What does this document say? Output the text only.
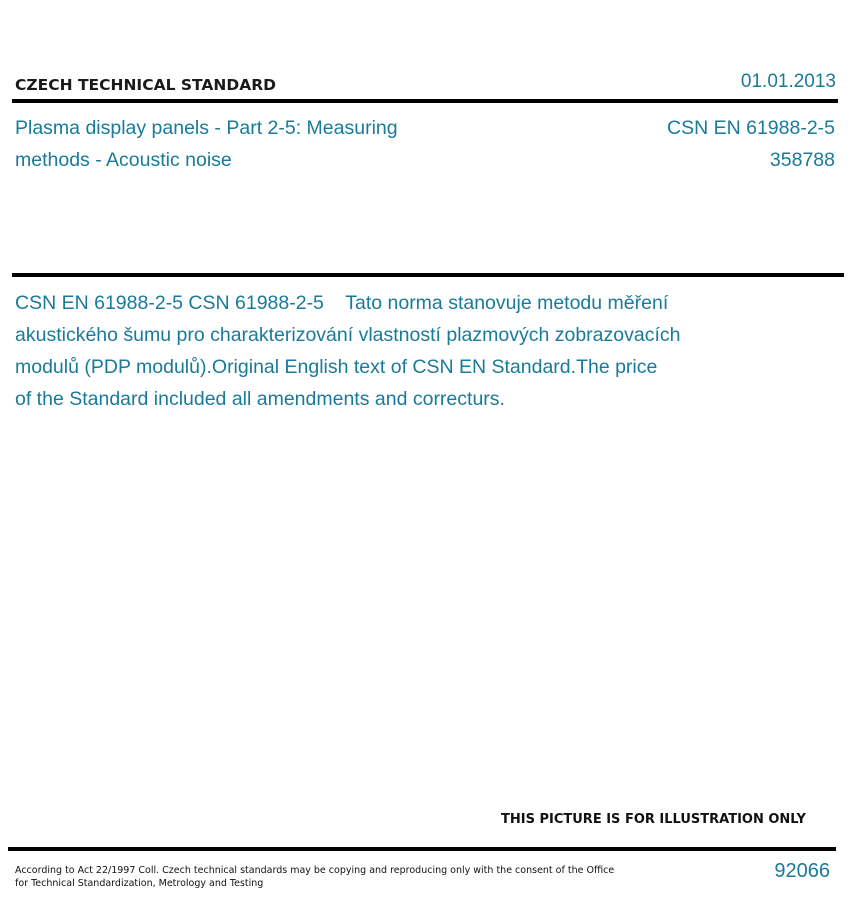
CZECH TECHNICAL STANDARD	01.01.2013
Plasma display panels - Part 2-5: Measuring
methods - Acoustic noise
CSN EN 61988-2-5
358788
CSN EN 61988-2-5 CSN 61988-2-5    Tato norma stanovuje metodu měření
akustického šumu pro charakterizování vlastností plazmových zobrazovacích
modulů (PDP modulů).Original English text of CSN EN Standard.The price
of the Standard included all amendments and correcturs.
THIS PICTURE IS FOR ILLUSTRATION ONLY
According to Act 22/1997 Coll. Czech technical standards may be copying and reproducing only with the consent of the Office
for Technical Standardization, Metrology and Testing
92066
